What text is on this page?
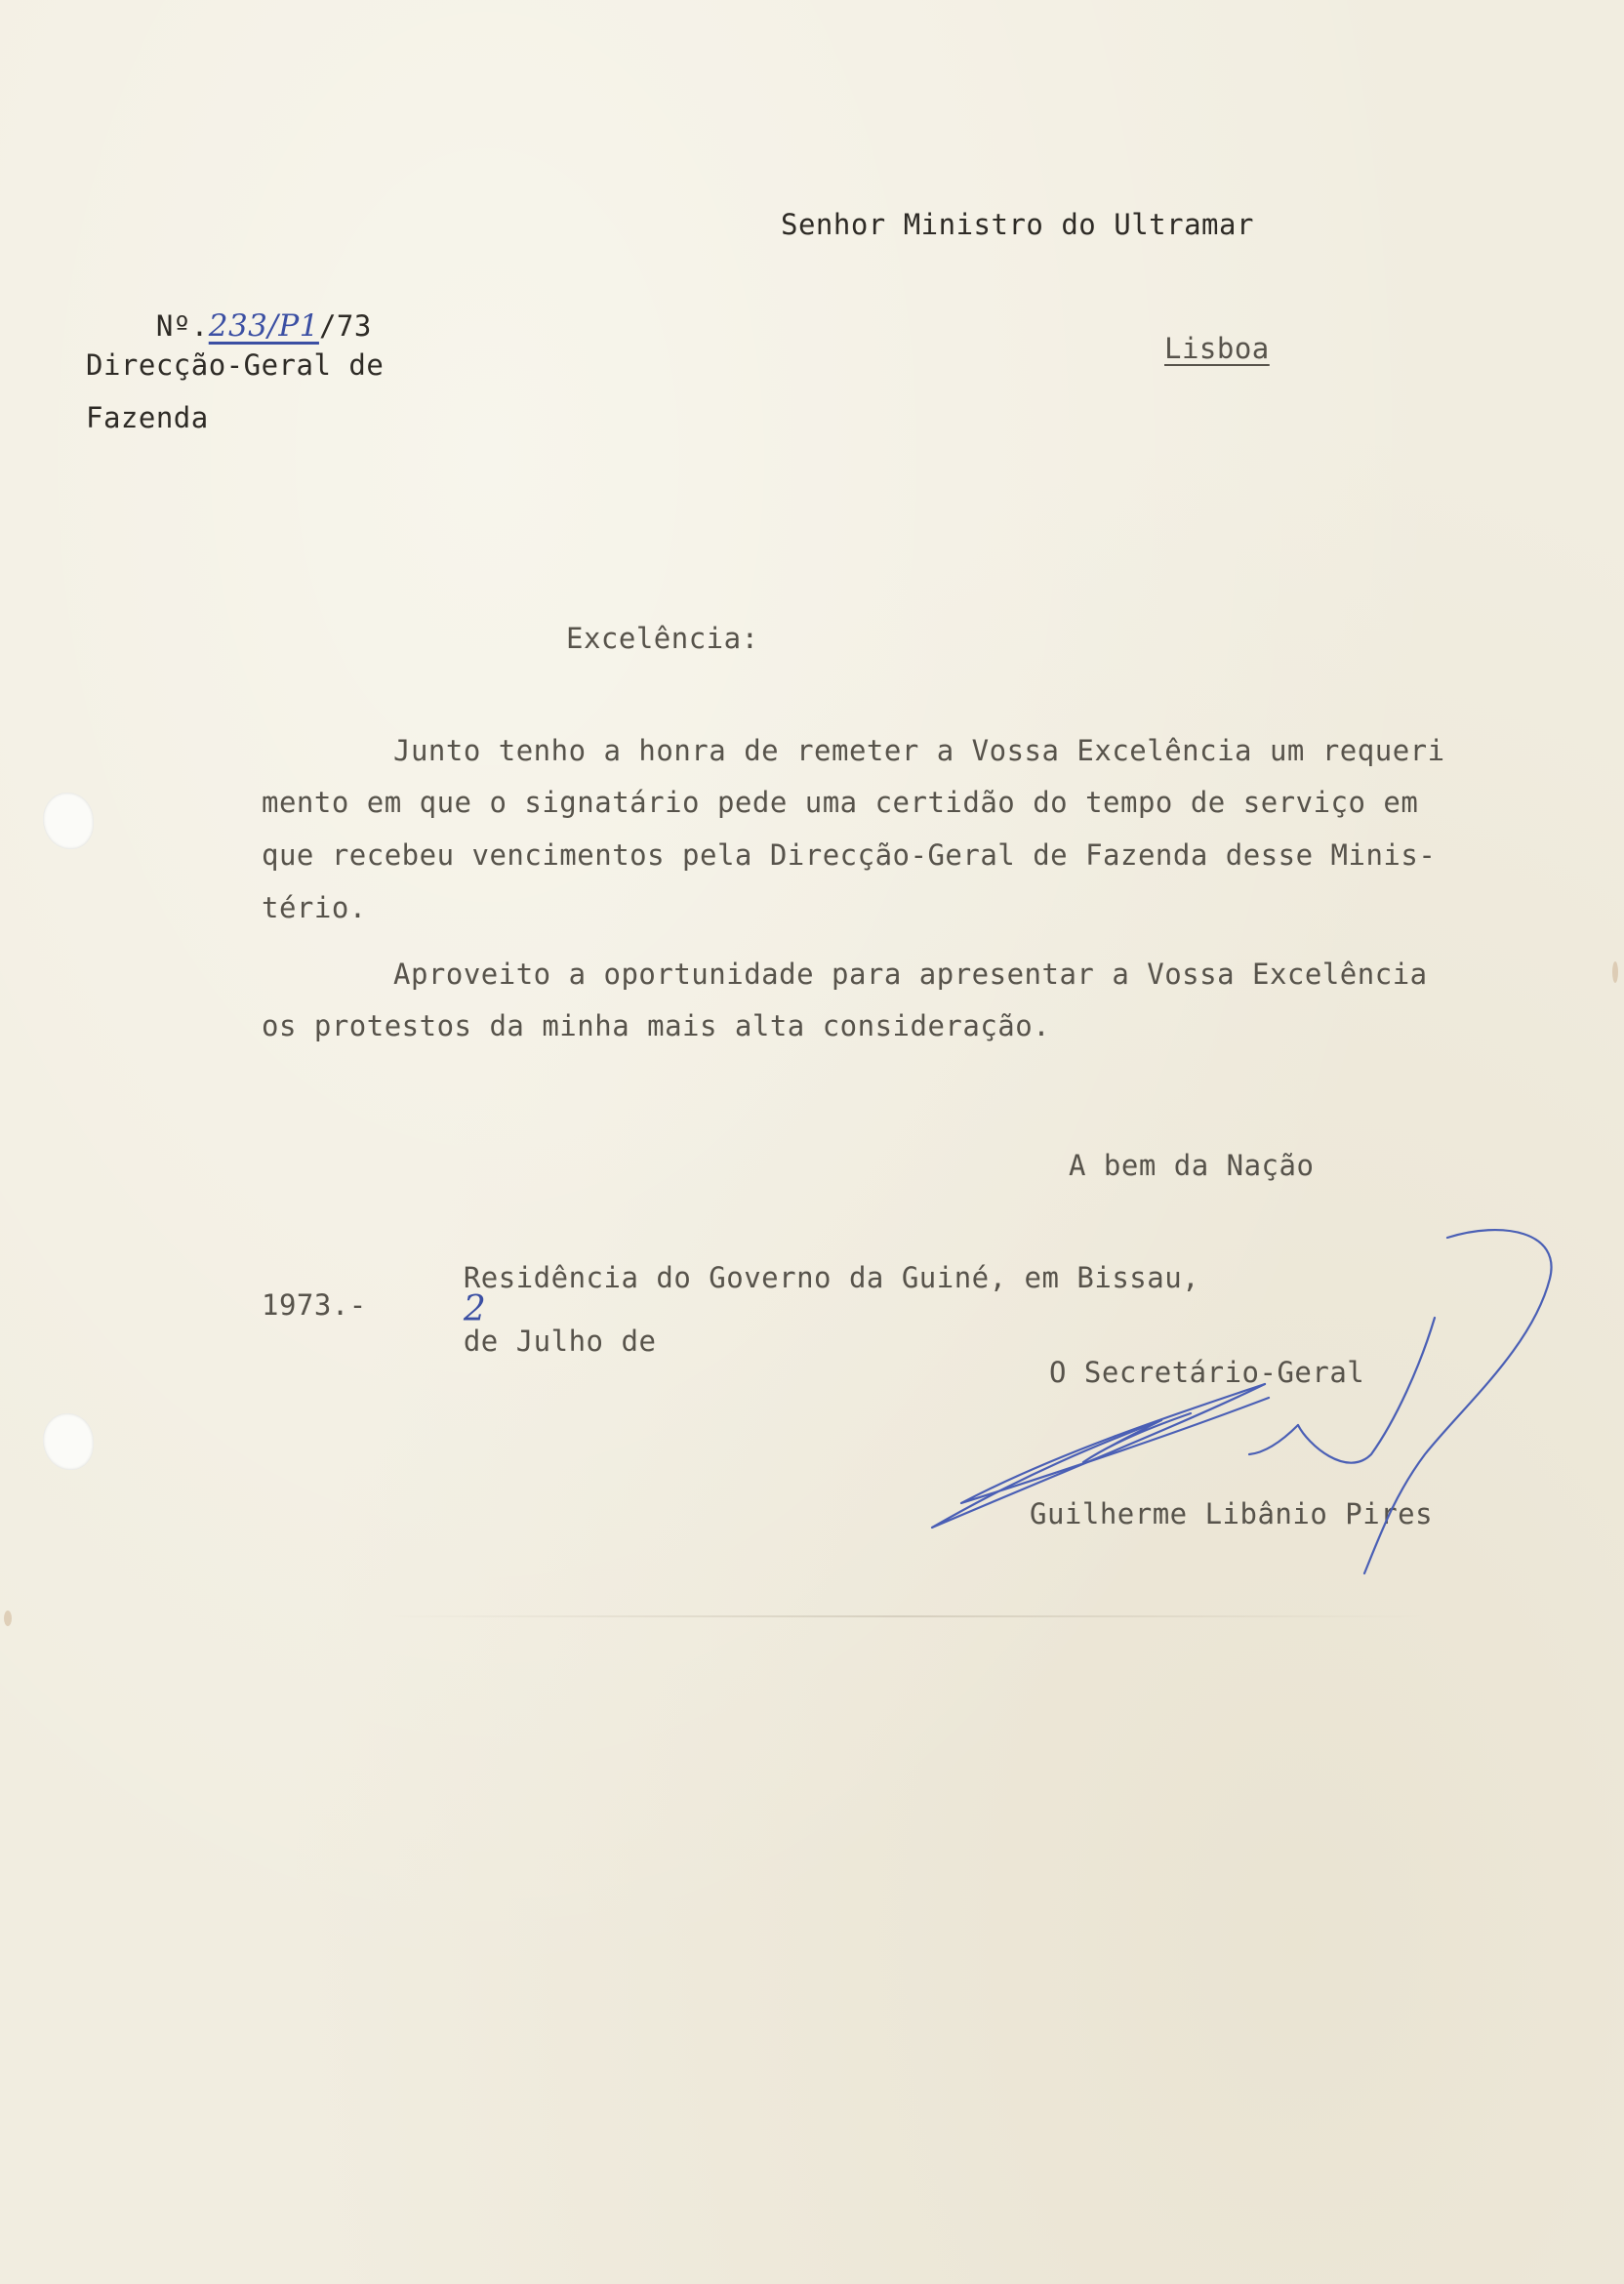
Senhor Ministro do Ultramar
Lisboa

Nº.233/P1/73

Direcção-Geral de
Fazenda
Excelência:
Junto tenho a honra de remeter a Vossa Excelência um requeri
mento em que o signatário pede uma certidão do tempo de serviço em
que recebeu vencimentos pela Direcção-Geral de Fazenda desse Minis-
tério.
Aproveito a oportunidade para apresentar a Vossa Excelência
os protestos da minha mais alta consideração.
A bem da Nação

Residência do Governo da Guiné, em Bissau,
2
de Julho de

1973.-
O Secretário-Geral
Guilherme Libânio Pires
